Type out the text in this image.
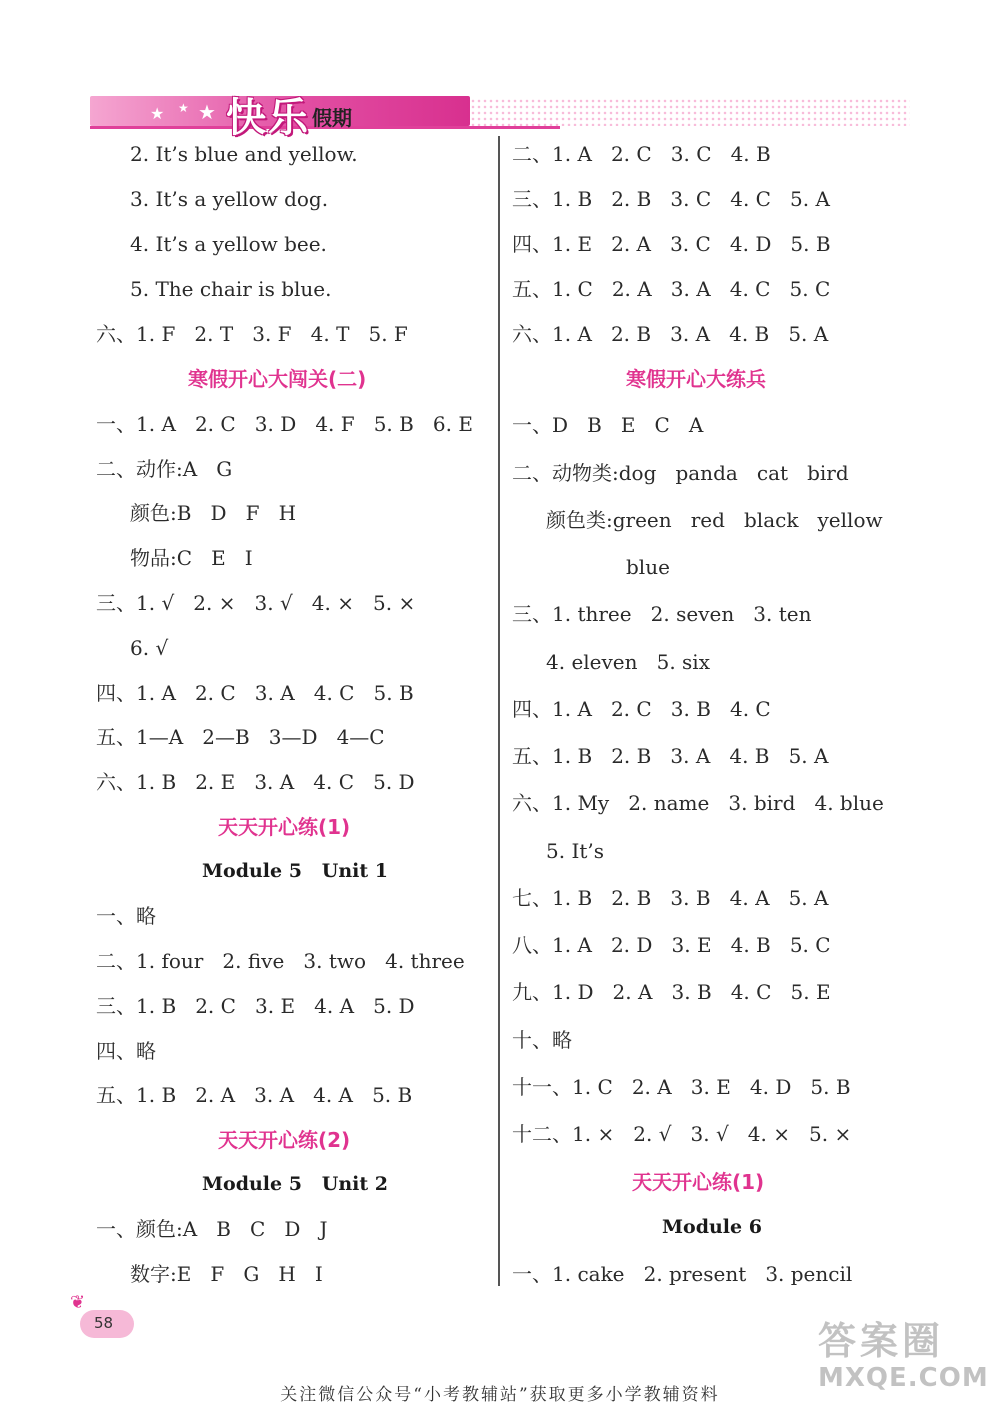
★ ★ ★ 快乐 假期
2. It’s blue and yellow.
3. It’s a yellow dog.
4. It’s a yellow bee.
5. The chair is blue.
六、1. F   2. T   3. F   4. T   5. F
寒假开心大闯关(二)
一、1. A   2. C   3. D   4. F   5. B   6. E
二、动作:A   G
颜色:B   D   F   H
物品:C   E   I
三、1. √   2. ×   3. √   4. ×   5. ×
6. √
四、1. A   2. C   3. A   4. C   5. B
五、1—A   2—B   3—D   4—C
六、1. B   2. E   3. A   4. C   5. D
天天开心练(1)
Module 5   Unit 1
一、略
二、1. four   2. five   3. two   4. three
三、1. B   2. C   3. E   4. A   5. D
四、略
五、1. B   2. A   3. A   4. A   5. B
天天开心练(2)
Module 5   Unit 2
一、颜色:A   B   C   D   J
数字:E   F   G   H   I
二、1. A   2. C   3. C   4. B
三、1. B   2. B   3. C   4. C   5. A
四、1. E   2. A   3. C   4. D   5. B
五、1. C   2. A   3. A   4. C   5. C
六、1. A   2. B   3. A   4. B   5. A
寒假开心大练兵
一、D   B   E   C   A
二、动物类:dog   panda   cat   bird
颜色类:green   red   black   yellow
blue
三、1. three   2. seven   3. ten
4. eleven   5. six
四、1. A   2. C   3. B   4. C
五、1. B   2. B   3. A   4. B   5. A
六、1. My   2. name   3. bird   4. blue
5. It’s
七、1. B   2. B   3. B   4. A   5. A
八、1. A   2. D   3. E   4. B   5. C
九、1. D   2. A   3. B   4. C   5. E
十、略
十一、1. C   2. A   3. E   4. D   5. B
十二、1. ×   2. √   3. √   4. ×   5. ×
天天开心练(1)
Module 6
一、1. cake   2. present   3. pencil
❦
58	答案圈
MXQE.COM
关注微信公众号“小考教辅站”获取更多小学教辅资料
